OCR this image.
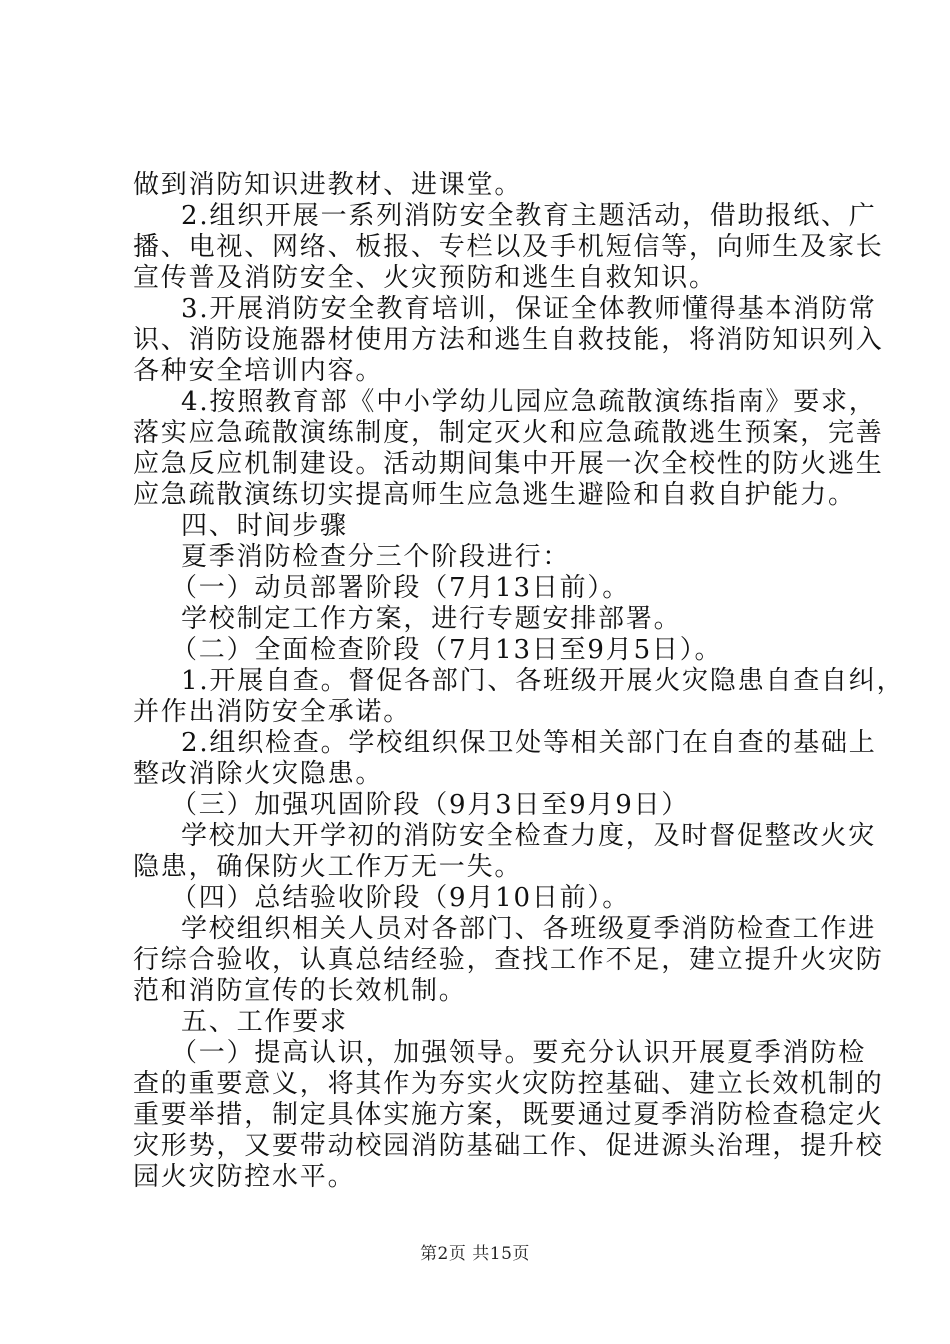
做到消防知识进教材、进课堂。
2.组织开展一系列消防安全教育主题活动，借助报纸、广
播、电视、网络、板报、专栏以及手机短信等，向师生及家长
宣传普及消防安全、火灾预防和逃生自救知识。
3.开展消防安全教育培训，保证全体教师懂得基本消防常
识、消防设施器材使用方法和逃生自救技能，将消防知识列入
各种安全培训内容。
4.按照教育部《中小学幼儿园应急疏散演练指南》要求，
落实应急疏散演练制度，制定灭火和应急疏散逃生预案，完善
应急反应机制建设。活动期间集中开展一次全校性的防火逃生
应急疏散演练切实提高师生应急逃生避险和自救自护能力。
四、时间步骤
夏季消防检查分三个阶段进行：
（一）动员部署阶段（7月13日前）。
学校制定工作方案，进行专题安排部署。
（二）全面检查阶段（7月13日至9月5日）。
1.开展自查。督促各部门、各班级开展火灾隐患自查自纠，
并作出消防安全承诺。
2.组织检查。学校组织保卫处等相关部门在自查的基础上
整改消除火灾隐患。
（三）加强巩固阶段（9月3日至9月9日）
学校加大开学初的消防安全检查力度，及时督促整改火灾
隐患，确保防火工作万无一失。
（四）总结验收阶段（9月10日前）。
学校组织相关人员对各部门、各班级夏季消防检查工作进
行综合验收，认真总结经验，查找工作不足，建立提升火灾防
范和消防宣传的长效机制。
五、工作要求
（一）提高认识，加强领导。要充分认识开展夏季消防检
查的重要意义，将其作为夯实火灾防控基础、建立长效机制的
重要举措，制定具体实施方案，既要通过夏季消防检查稳定火
灾形势，又要带动校园消防基础工作、促进源头治理，提升校
园火灾防控水平。
第2页 共15页
